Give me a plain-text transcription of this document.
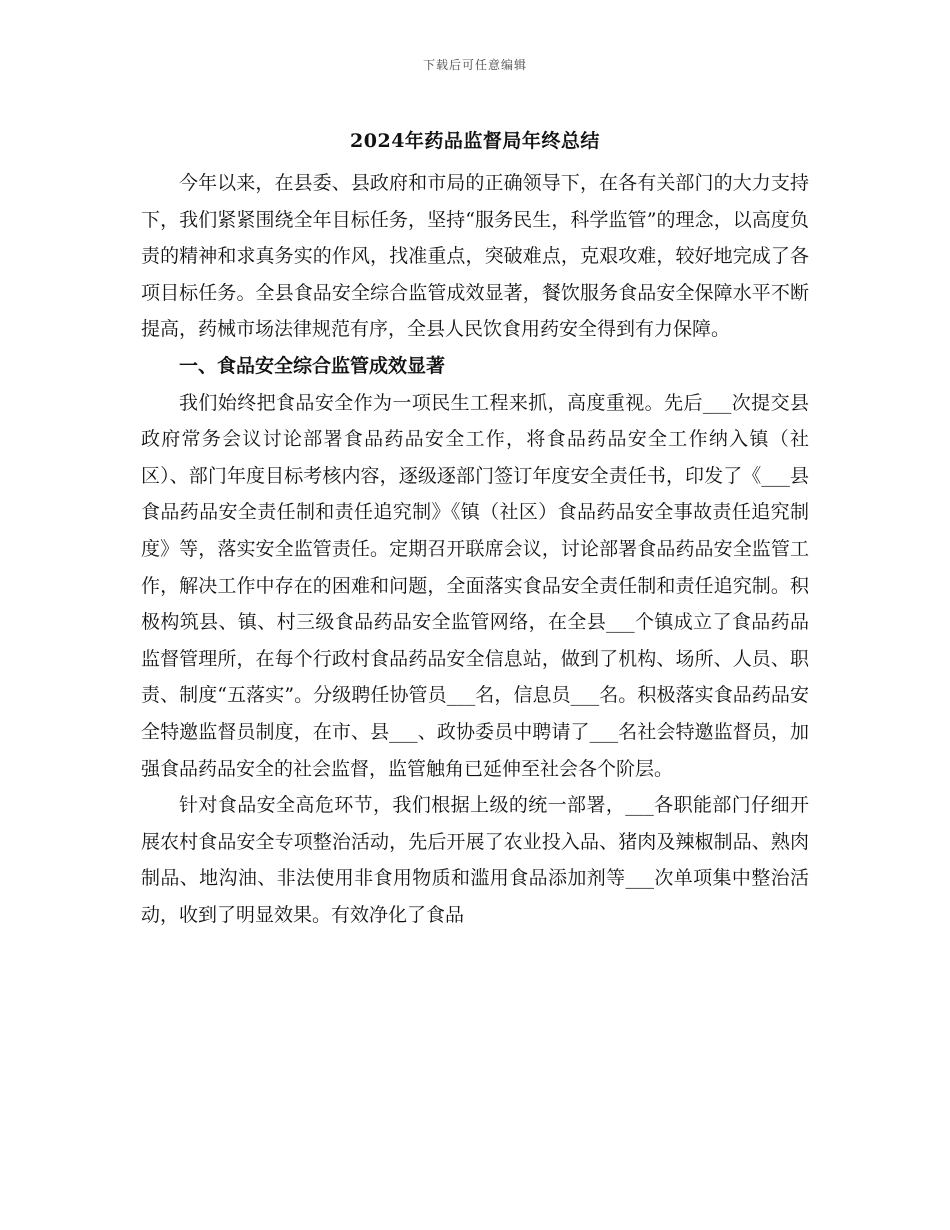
下载后可任意编辑
2024年药品监督局年终总结

今年以来，在县委、县政府和市局的正确领导下，在各有关部门的大力支持下，我们紧紧围绕全年目标任务，坚持“服务民生，科学监管”的理念，以高度负责的精神和求真务实的作风，找准重点，突破难点，克艰攻难，较好地完成了各项目标任务。全县食品安全综合监管成效显著，餐饮服务食品安全保障水平不断提高，药械市场法律规范有序，全县人民饮食用药安全得到有力保障。

一、食品安全综合监管成效显著

我们始终把食品安全作为一项民生工程来抓，高度重视。先后___次提交县政府常务会议讨论部署食品药品安全工作，将食品药品安全工作纳入镇（社区）、部门年度目标考核内容，逐级逐部门签订年度安全责任书，印发了《___县食品药品安全责任制和责任追究制》《镇（社区）食品药品安全事故责任追究制度》等，落实安全监管责任。定期召开联席会议，讨论部署食品药品安全监管工作，解决工作中存在的困难和问题，全面落实食品安全责任制和责任追究制。积极构筑县、镇、村三级食品药品安全监管网络，在全县___个镇成立了食品药品监督管理所，在每个行政村食品药品安全信息站，做到了机构、场所、人员、职责、制度“五落实”。分级聘任协管员___名，信息员___名。积极落实食品药品安全特邀监督员制度，在市、县___、政协委员中聘请了___名社会特邀监督员，加强食品药品安全的社会监督，监管触角已延伸至社会各个阶层。

针对食品安全高危环节，我们根据上级的统一部署，___各职能部门仔细开展农村食品安全专项整治活动，先后开展了农业投入品、猪肉及辣椒制品、熟肉制品、地沟油、非法使用非食用物质和滥用食品添加剂等___次单项集中整治活动，收到了明显效果。有效净化了食品
